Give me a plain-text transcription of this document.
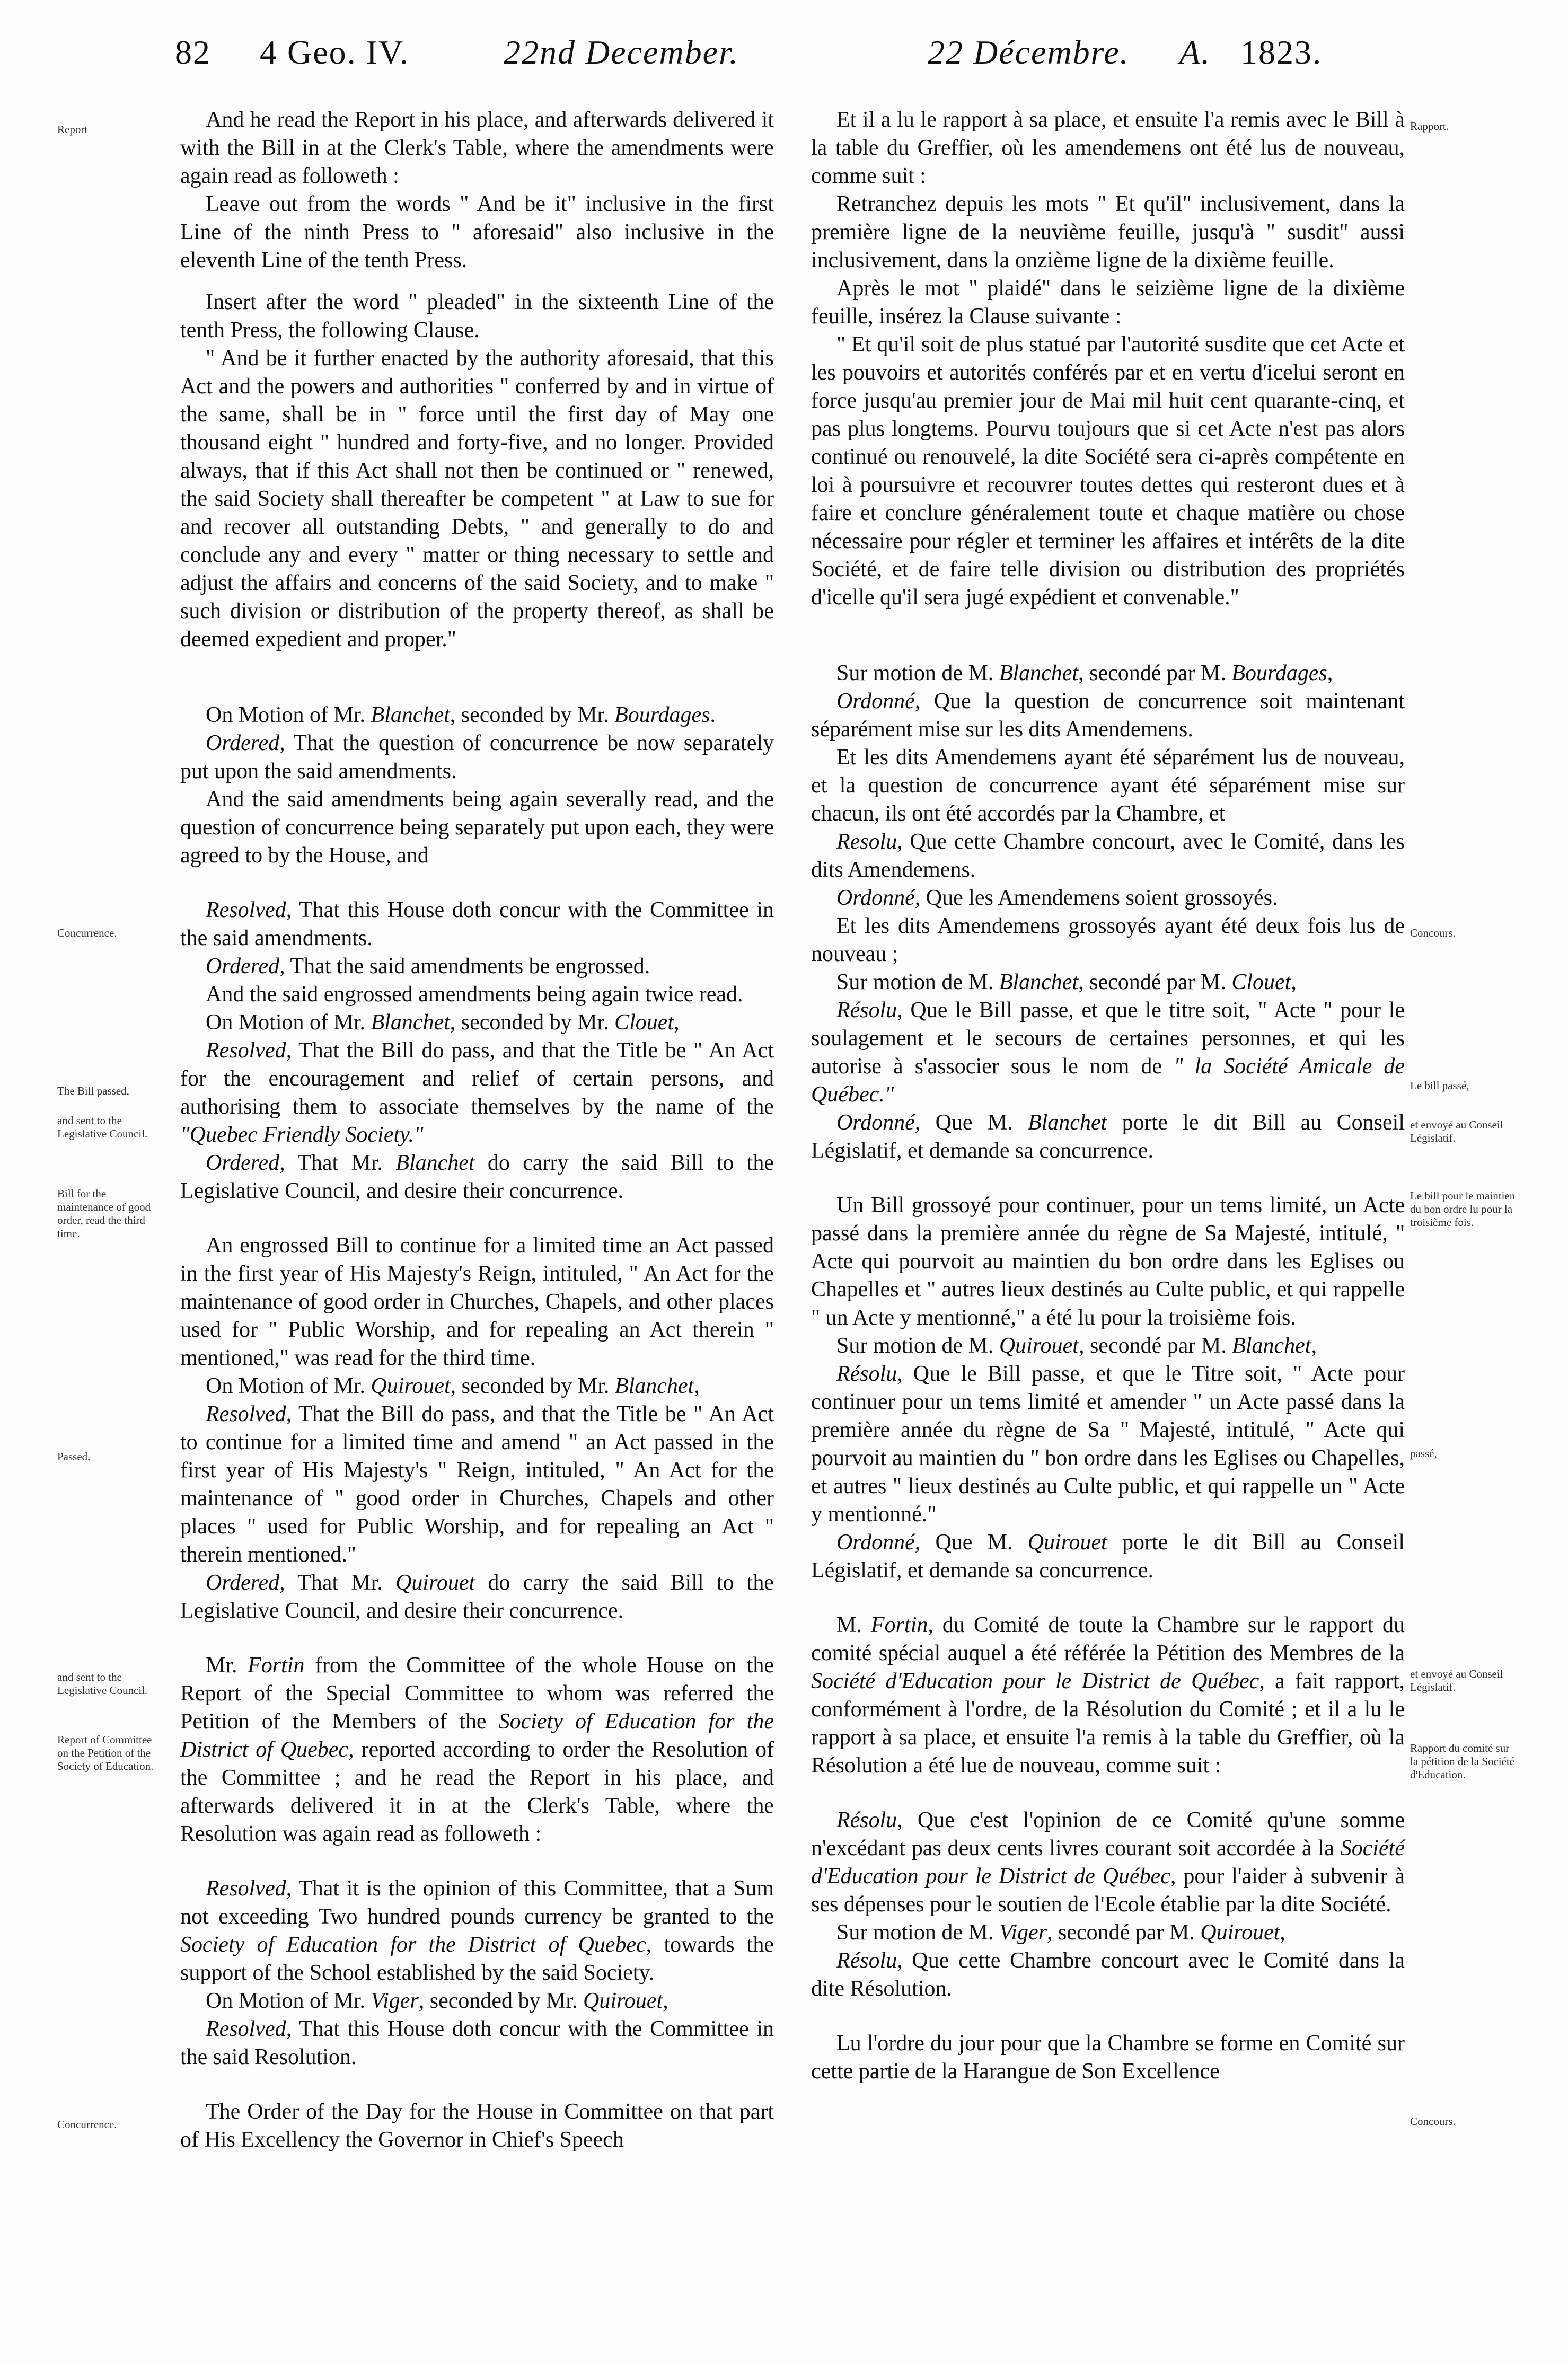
82 4 Geo. IV.	22nd December.	22 Décembre. A. 1823.
Report
Concurrence.
The Bill passed,
and sent to the Legislative Council.
Bill for the maintenance of good order, read the third time.
Passed.
and sent to the Legislative Council.
Report of Committee on the Petition of the Society of Education.
Concurrence.
Rapport.
Concours.
Le bill passé,
et envoyé au Conseil Législatif.
Le bill pour le maintien du bon ordre lu pour la troisième fois.
passé,
et envoyé au Conseil Législatif.
Rapport du comité sur la pétition de la Société d'Education.
Concours.

And he read the Report in his place, and afterwards delivered it with the Bill in at the Clerk's Table, where the amendments were again read as followeth :

Leave out from the words " And be it" inclusive in the first Line of the ninth Press to " aforesaid" also inclusive in the eleventh Line of the tenth Press.

Insert after the word " pleaded" in the sixteenth Line of the tenth Press, the following Clause.

" And be it further enacted by the authority aforesaid, that this Act and the powers and authorities " conferred by and in virtue of the same, shall be in " force until the first day of May one thousand eight " hundred and forty-five, and no longer. Provided always, that if this Act shall not then be continued or " renewed, the said Society shall thereafter be competent " at Law to sue for and recover all outstanding Debts, " and generally to do and conclude any and every " matter or thing necessary to settle and adjust the affairs and concerns of the said Society, and to make " such division or distribution of the property thereof, as shall be deemed expedient and proper."

On Motion of Mr. Blanchet, seconded by Mr. Bourdages.

Ordered, That the question of concurrence be now separately put upon the said amendments.

And the said amendments being again severally read, and the question of concurrence being separately put upon each, they were agreed to by the House, and

Resolved, That this House doth concur with the Committee in the said amendments.

Ordered, That the said amendments be engrossed.

And the said engrossed amendments being again twice read.

On Motion of Mr. Blanchet, seconded by Mr. Clouet,

Resolved, That the Bill do pass, and that the Title be " An Act for the encouragement and relief of certain persons, and authorising them to associate themselves by the name of the "Quebec Friendly Society."

Ordered, That Mr. Blanchet do carry the said Bill to the Legislative Council, and desire their concurrence.

An engrossed Bill to continue for a limited time an Act passed in the first year of His Majesty's Reign, intituled, " An Act for the maintenance of good order in Churches, Chapels, and other places used for " Public Worship, and for repealing an Act therein " mentioned," was read for the third time.

On Motion of Mr. Quirouet, seconded by Mr. Blanchet,

Resolved, That the Bill do pass, and that the Title be " An Act to continue for a limited time and amend " an Act passed in the first year of His Majesty's " Reign, intituled, " An Act for the maintenance of " good order in Churches, Chapels and other places " used for Public Worship, and for repealing an Act " therein mentioned."

Ordered, That Mr. Quirouet do carry the said Bill to the Legislative Council, and desire their concurrence.

Mr. Fortin from the Committee of the whole House on the Report of the Special Committee to whom was referred the Petition of the Members of the Society of Education for the District of Quebec, reported according to order the Resolution of the Committee ; and he read the Report in his place, and afterwards delivered it in at the Clerk's Table, where the Resolution was again read as followeth :

Resolved, That it is the opinion of this Committee, that a Sum not exceeding Two hundred pounds currency be granted to the Society of Education for the District of Quebec, towards the support of the School established by the said Society.

On Motion of Mr. Viger, seconded by Mr. Quirouet,

Resolved, That this House doth concur with the Committee in the said Resolution.

The Order of the Day for the House in Committee on that part of His Excellency the Governor in Chief's Speech

Et il a lu le rapport à sa place, et ensuite l'a remis avec le Bill à la table du Greffier, où les amendemens ont été lus de nouveau, comme suit :

Retranchez depuis les mots " Et qu'il" inclusivement, dans la première ligne de la neuvième feuille, jusqu'à " susdit" aussi inclusivement, dans la onzième ligne de la dixième feuille.

Après le mot " plaidé" dans le seizième ligne de la dixième feuille, insérez la Clause suivante :

" Et qu'il soit de plus statué par l'autorité susdite que cet Acte et les pouvoirs et autorités conférés par et en vertu d'icelui seront en force jusqu'au premier jour de Mai mil huit cent quarante-cinq, et pas plus longtems. Pourvu toujours que si cet Acte n'est pas alors continué ou renouvelé, la dite Société sera ci-après compétente en loi à poursuivre et recouvrer toutes dettes qui resteront dues et à faire et conclure généralement toute et chaque matière ou chose nécessaire pour régler et terminer les affaires et intérêts de la dite Société, et de faire telle division ou distribution des propriétés d'icelle qu'il sera jugé expédient et convenable."

Sur motion de M. Blanchet, secondé par M. Bourdages,

Ordonné, Que la question de concurrence soit maintenant séparément mise sur les dits Amendemens.

Et les dits Amendemens ayant été séparément lus de nouveau, et la question de concurrence ayant été séparément mise sur chacun, ils ont été accordés par la Chambre, et

Resolu, Que cette Chambre concourt, avec le Comité, dans les dits Amendemens.

Ordonné, Que les Amendemens soient grossoyés.

Et les dits Amendemens grossoyés ayant été deux fois lus de nouveau ;

Sur motion de M. Blanchet, secondé par M. Clouet,

Résolu, Que le Bill passe, et que le titre soit, " Acte " pour le soulagement et le secours de certaines personnes, et qui les autorise à s'associer sous le nom de " la Société Amicale de Québec."

Ordonné, Que M. Blanchet porte le dit Bill au Conseil Législatif, et demande sa concurrence.

Un Bill grossoyé pour continuer, pour un tems limité, un Acte passé dans la première année du règne de Sa Majesté, intitulé, " Acte qui pourvoit au maintien du bon ordre dans les Eglises ou Chapelles et " autres lieux destinés au Culte public, et qui rappelle " un Acte y mentionné," a été lu pour la troisième fois.

Sur motion de M. Quirouet, secondé par M. Blanchet,

Résolu, Que le Bill passe, et que le Titre soit, " Acte pour continuer pour un tems limité et amender " un Acte passé dans la première année du règne de Sa " Majesté, intitulé, " Acte qui pourvoit au maintien du " bon ordre dans les Eglises ou Chapelles, et autres " lieux destinés au Culte public, et qui rappelle un " Acte y mentionné."

Ordonné, Que M. Quirouet porte le dit Bill au Conseil Législatif, et demande sa concurrence.

M. Fortin, du Comité de toute la Chambre sur le rapport du comité spécial auquel a été référée la Pétition des Membres de la Société d'Education pour le District de Québec, a fait rapport, conformément à l'ordre, de la Résolution du Comité ; et il a lu le rapport à sa place, et ensuite l'a remis à la table du Greffier, où la Résolution a été lue de nouveau, comme suit :

Résolu, Que c'est l'opinion de ce Comité qu'une somme n'excédant pas deux cents livres courant soit accordée à la Société d'Education pour le District de Québec, pour l'aider à subvenir à ses dépenses pour le soutien de l'Ecole établie par la dite Société.

Sur motion de M. Viger, secondé par M. Quirouet,

Résolu, Que cette Chambre concourt avec le Comité dans la dite Résolution.

Lu l'ordre du jour pour que la Chambre se forme en Comité sur cette partie de la Harangue de Son Excellence
